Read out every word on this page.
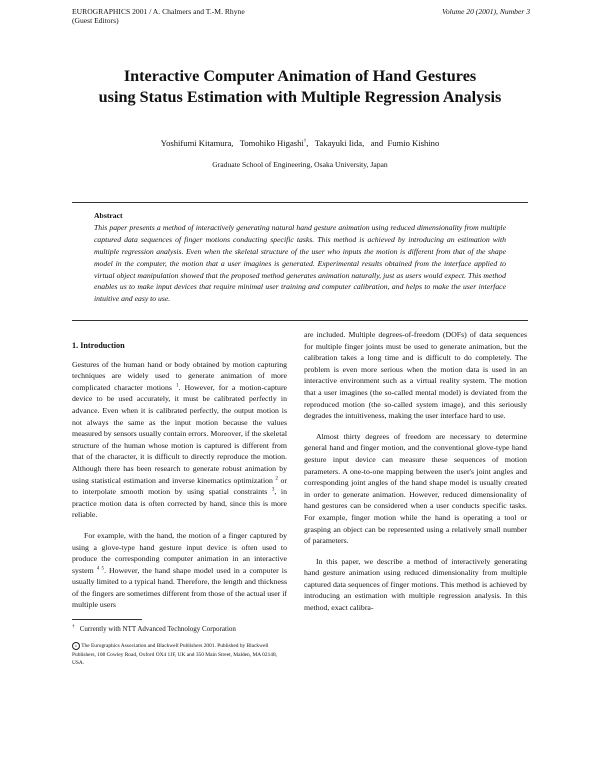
EUROGRAPHICS 2001 / A. Chalmers and T.-M. Rhyne
(Guest Editors)
Volume 20 (2001), Number 3
Interactive Computer Animation of Hand Gestures
using Status Estimation with Multiple Regression Analysis
Yoshifumi Kitamura, Tomohiko Higashi†, Takayuki Iida, and Fumio Kishino
Graduate School of Engineering, Osaka University, Japan
Abstract
This paper presents a method of interactively generating natural hand gesture animation using reduced dimensionality from multiple captured data sequences of finger motions conducting specific tasks. This method is achieved by introducing an estimation with multiple regression analysis. Even when the skeletal structure of the user who inputs the motion is different from that of the shape model in the computer, the motion that a user imagines is generated. Experimental results obtained from the interface applied to virtual object manipulation showed that the proposed method generates animation naturally, just as users would expect. This method enables us to make input devices that require minimal user training and computer calibration, and helps to make the user interface intuitive and easy to use.
1. Introduction

Gestures of the human hand or body obtained by motion capturing techniques are widely used to generate animation of more complicated character motions $^1$. However, for a motion-capture device to be used accurately, it must be calibrated perfectly in advance. Even when it is calibrated perfectly, the output motion is not always the same as the input motion because the values measured by sensors usually contain errors. Moreover, if the skeletal structure of the human whose motion is captured is different from that of the character, it is difficult to directly reproduce the motion. Although there has been research to generate robust animation by using statistical estimation and inverse kinematics optimization $^2$ or to interpolate smooth motion by using spatial constraints $^3$, in practice motion data is often corrected by hand, since this is more reliable.

For example, with the hand, the motion of a finger captured by using a glove-type hand gesture input device is often used to produce the corresponding computer animation in an interactive system $^{4 5}$. However, the hand shape model used in a computer is usually limited to a typical hand. Therefore, the length and thickness of the fingers are sometimes different from those of the actual user if multiple users

are included. Multiple degrees-of-freedom (DOFs) of data sequences for multiple finger joints must be used to generate animation, but the calibration takes a long time and is difficult to do completely. The problem is even more serious when the motion data is used in an interactive environment such as a virtual reality system. The motion that a user imagines (the so-called mental model) is deviated from the reproduced motion (the so-called system image), and this seriously degrades the intuitiveness, making the user interface hard to use.

Almost thirty degrees of freedom are necessary to determine general hand and finger motion, and the conventional glove-type hand gesture input device can measure these sequences of motion parameters. A one-to-one mapping between the user's joint angles and corresponding joint angles of the hand shape model is usually created in order to generate animation. However, reduced dimensionality of hand gestures can be considered when a user conducts specific tasks. For example, finger motion while the hand is operating a tool or grasping an object can be represented using a relatively small number of parameters.

In this paper, we describe a method of interactively generating hand gesture animation using reduced dimensionality from multiple captured data sequences of finger motions. This method is achieved by introducing an estimation with multiple regression analysis. In this method, exact calibra-

† Currently with NTT Advanced Technology Corporation
c The Eurographics Association and Blackwell Publishers 2001. Published by Blackwell Publishers, 108 Cowley Road, Oxford OX4 1JF, UK and 350 Main Street, Malden, MA 02148, USA.
